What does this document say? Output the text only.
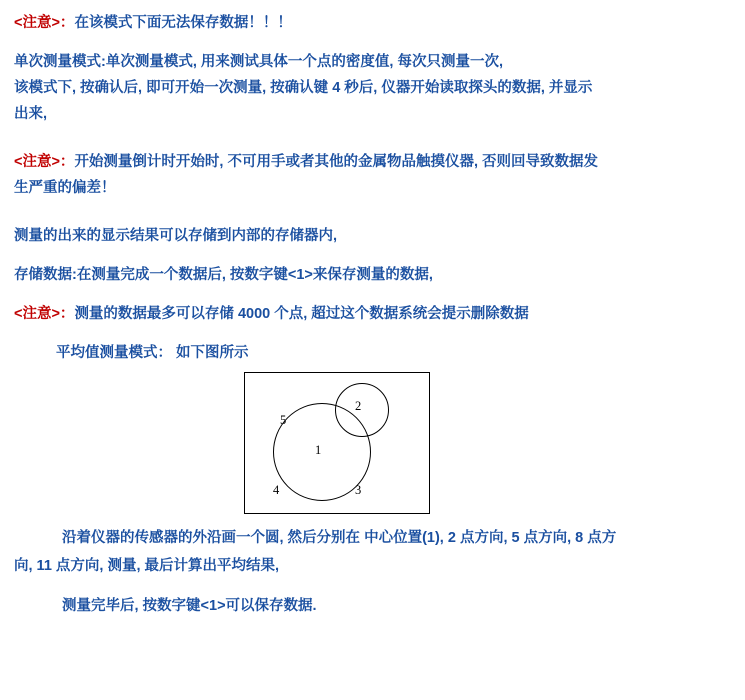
<注意>：在该模式下面无法保存数据！！！
单次测量模式:单次测量模式, 用来测试具体一个点的密度值, 每次只测量一次,
该模式下, 按确认后, 即可开始一次测量, 按确认键 4 秒后, 仪器开始读取探头的数据, 并显示
出来,
<注意>：开始测量倒计时开始时, 不可用手或者其他的金属物品触摸仪器, 否则回导致数据发
生严重的偏差！
测量的出来的显示结果可以存储到内部的存储器内,
存储数据:在测量完成一个数据后, 按数字键<1>来保存测量的数据,
<注意>：测量的数据最多可以存储 4000 个点, 超过这个数据系统会提示删除数据
平均值测量模式： 如下图所示
1
2
5
4	3
沿着仪器的传感器的外沿画一个圆, 然后分别在 中心位置(1), 2 点方向, 5 点方向, 8 点方
向, 11 点方向, 测量, 最后计算出平均结果,
测量完毕后, 按数字键<1>可以保存数据.
